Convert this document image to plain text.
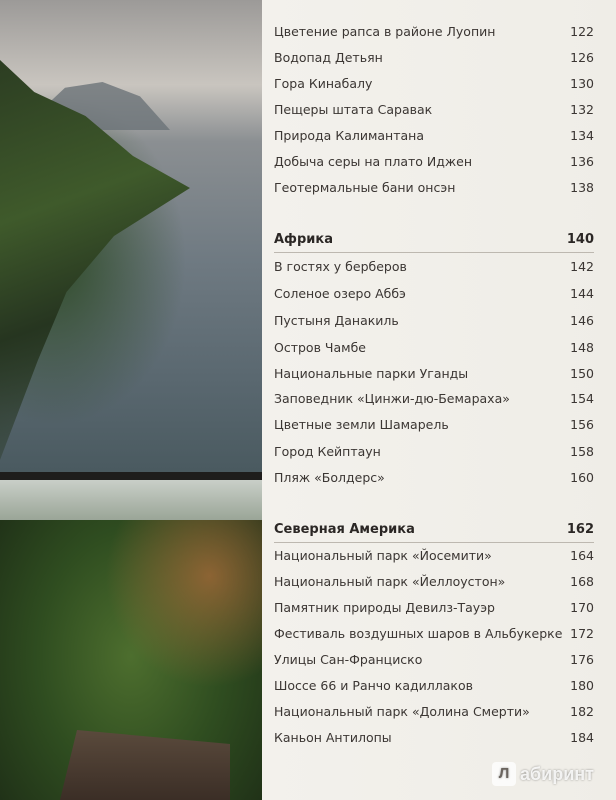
Цветение рапса в районе Луопин	122
Водопад Детьян	126
Гора Кинабалу	130
Пещеры штата Саравак	132
Природа Калимантана	134
Добыча серы на плато Иджен	136
Геотермальные бани онсэн	138
Африка	140
В гостях у берберов	142
Соленое озеро Аббэ	144
Пустыня Данакиль	146
Остров Чамбе	148
Национальные парки Уганды	150
Заповедник «Цинжи-дю-Бемараха»	154
Цветные земли Шамарель	156
Город Кейптаун	158
Пляж «Болдерс»	160
Северная Америка	162
Национальный парк «Йосемити»	164
Национальный парк «Йеллоустон»	168
Памятник природы Девилз-Тауэр	170
Фестиваль воздушных шаров в Альбукерке 172
Улицы Сан-Франциско	176
Шоссе 66 и Ранчо кадиллаков	180
Национальный парк «Долина Смерти»	182
Каньон Антилопы	184
Л абиринт
